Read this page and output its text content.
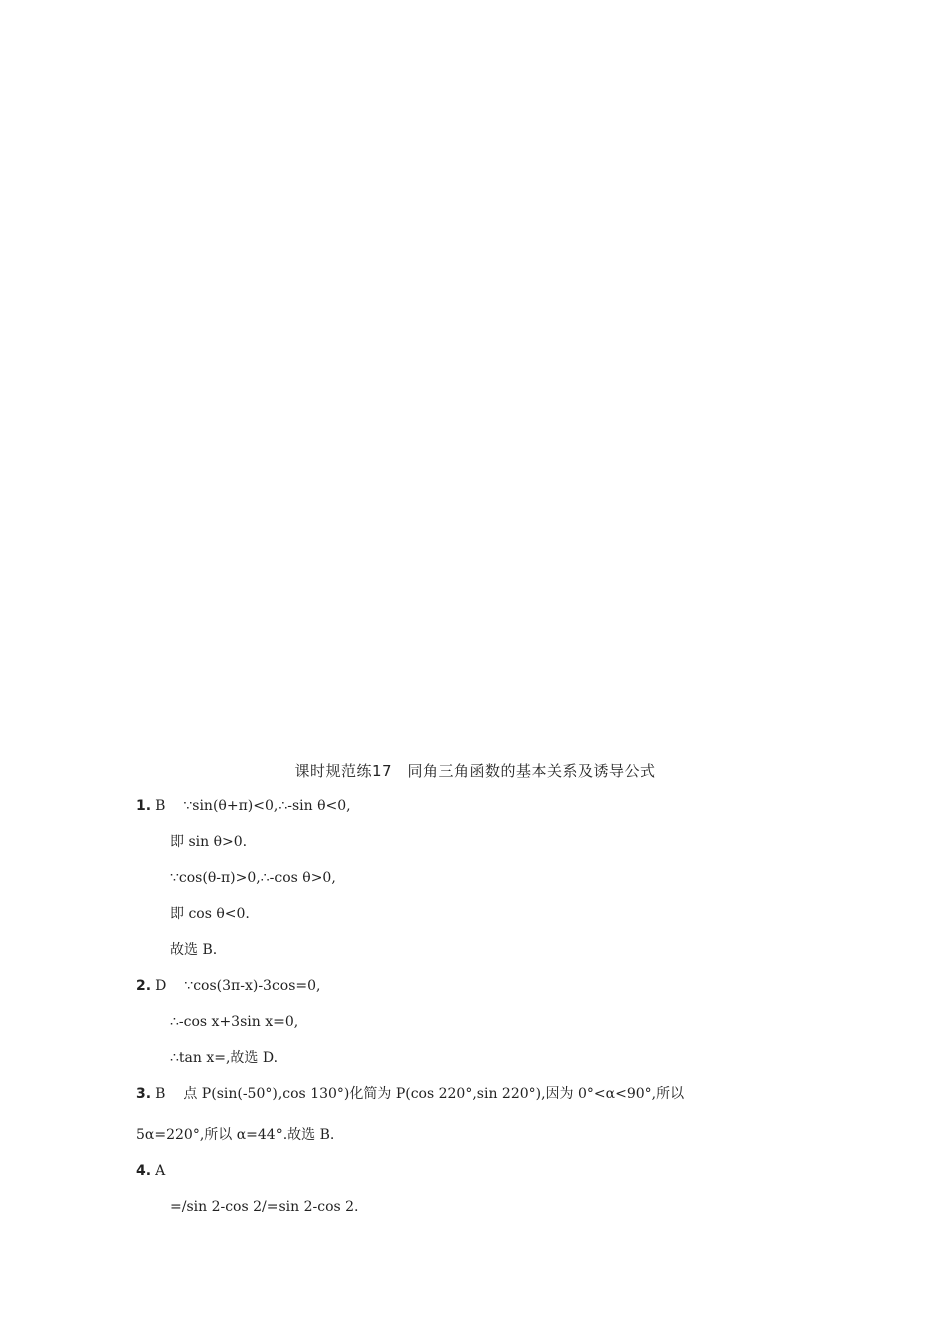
课时规范练17　同角三角函数的基本关系及诱导公式
1. B ∵sin(θ+π)<0,∴-sin θ<0,
即 sin θ>0.
∵cos(θ-π)>0,∴-cos θ>0,
即 cos θ<0.
故选 B.
2. D ∵cos(3π-x)-3cos=0,
∴-cos x+3sin x=0,
∴tan x=,故选 D.
3. B 点 P(sin(-50°),cos 130°)化简为 P(cos 220°,sin 220°),因为 0°<α<90°,所以
5α=220°,所以 α=44°.故选 B.
4. A
=/sin 2-cos 2/=sin 2-cos 2.
